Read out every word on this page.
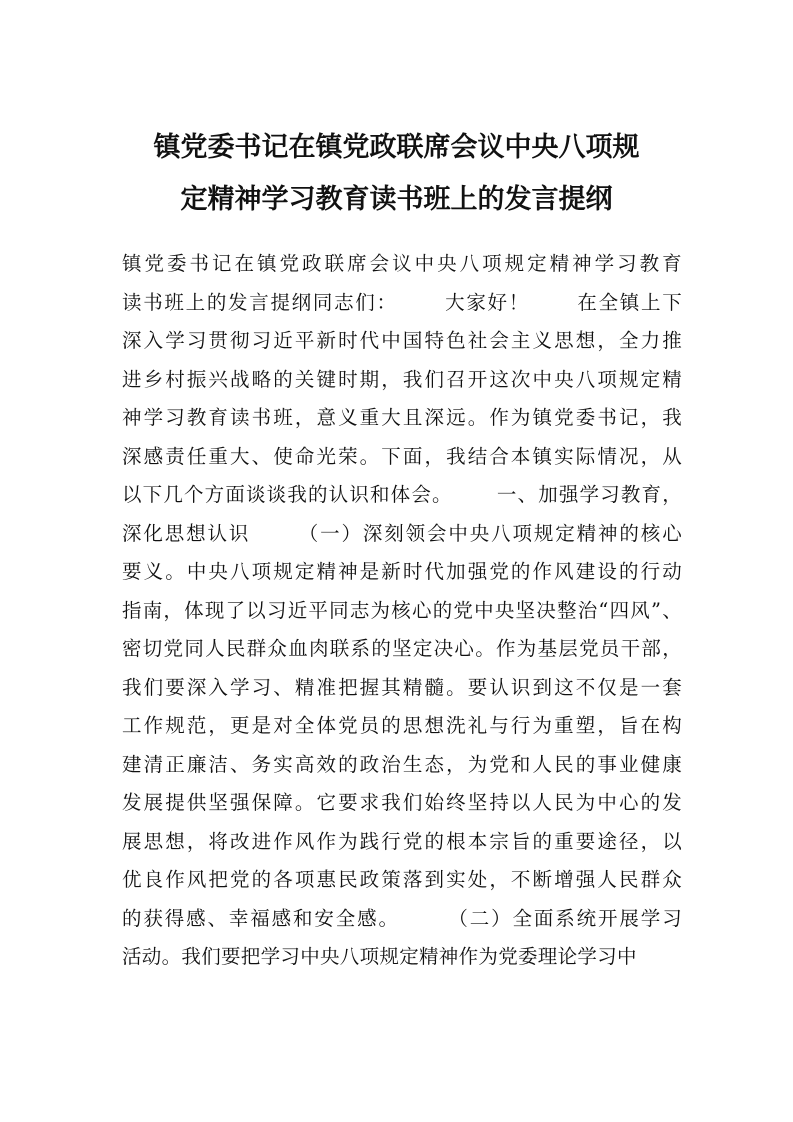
镇党委书记在镇党政联席会议中央八项规
定精神学习教育读书班上的发言提纲
镇党委书记在镇党政联席会议中央八项规定精神学习教育
读书班上的发言提纲同志们：      大家好！      在全镇上下
深入学习贯彻习近平新时代中国特色社会主义思想，全力推
进乡村振兴战略的关键时期，我们召开这次中央八项规定精
神学习教育读书班，意义重大且深远。作为镇党委书记，我
深感责任重大、使命光荣。下面，我结合本镇实际情况，从
以下几个方面谈谈我的认识和体会。      一、加强学习教育，
深化思想认识      （一）深刻领会中央八项规定精神的核心
要义。中央八项规定精神是新时代加强党的作风建设的行动
指南，体现了以习近平同志为核心的党中央坚决整治“四风”、
密切党同人民群众血肉联系的坚定决心。作为基层党员干部，
我们要深入学习、精准把握其精髓。要认识到这不仅是一套
工作规范，更是对全体党员的思想洗礼与行为重塑，旨在构
建清正廉洁、务实高效的政治生态，为党和人民的事业健康
发展提供坚强保障。它要求我们始终坚持以人民为中心的发
展思想，将改进作风作为践行党的根本宗旨的重要途径，以
优良作风把党的各项惠民政策落到实处，不断增强人民群众
的获得感、幸福感和安全感。      （二）全面系统开展学习
活动。我们要把学习中央八项规定精神作为党委理论学习中
